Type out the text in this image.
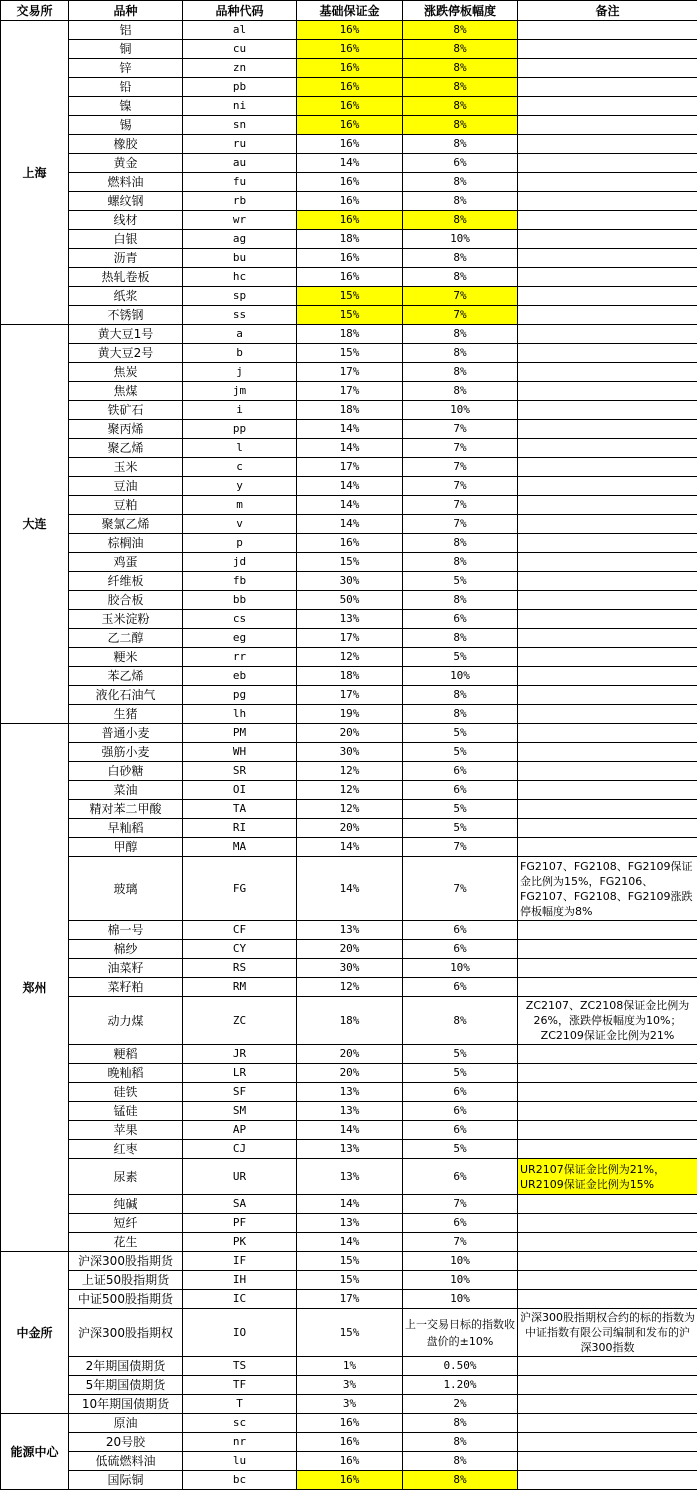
交易所	品种	品种代码	基础保证金	涨跌停板幅度	备注
上海	铝	al	16%	8%	
	铜	cu	16%	8%	
	锌	zn	16%	8%	
	铅	pb	16%	8%	
	镍	ni	16%	8%	
	锡	sn	16%	8%	
	橡胶	ru	16%	8%	
	黄金	au	14%	6%	
	燃料油	fu	16%	8%	
	螺纹钢	rb	16%	8%	
	线材	wr	16%	8%	
	白银	ag	18%	10%	
	沥青	bu	16%	8%	
	热轧卷板	hc	16%	8%	
	纸浆	sp	15%	7%	
	不锈钢	ss	15%	7%	
大连	黄大豆1号	a	18%	8%	
	黄大豆2号	b	15%	8%	
	焦炭	j	17%	8%	
	焦煤	jm	17%	8%	
	铁矿石	i	18%	10%	
	聚丙烯	pp	14%	7%	
	聚乙烯	l	14%	7%	
	玉米	c	17%	7%	
	豆油	y	14%	7%	
	豆粕	m	14%	7%	
	聚氯乙烯	v	14%	7%	
	棕榈油	p	16%	8%	
	鸡蛋	jd	15%	8%	
	纤维板	fb	30%	5%	
	胶合板	bb	50%	8%	
	玉米淀粉	cs	13%	6%	
	乙二醇	eg	17%	8%	
	粳米	rr	12%	5%	
	苯乙烯	eb	18%	10%	
	液化石油气	pg	17%	8%	
	生猪	lh	19%	8%	
郑州	普通小麦	PM	20%	5%	
	强筋小麦	WH	30%	5%	
	白砂糖	SR	12%	6%	
	菜油	OI	12%	6%	
	精对苯二甲酸	TA	12%	5%	
	早籼稻	RI	20%	5%	
	甲醇	MA	14%	7%	
	玻璃	FG	14%	7%	FG2107、FG2108、FG2109保证金比例为15%，FG2106、FG2107、FG2108、FG2109涨跌停板幅度为8%
	棉一号	CF	13%	6%	
	棉纱	CY	20%	6%	
	油菜籽	RS	30%	10%	
	菜籽粕	RM	12%	6%	
	动力煤	ZC	18%	8%	ZC2107、ZC2108保证金比例为26%，涨跌停板幅度为10%；ZC2109保证金比例为21%
	粳稻	JR	20%	5%	
	晚籼稻	LR	20%	5%	
	硅铁	SF	13%	6%	
	锰硅	SM	13%	6%	
	苹果	AP	14%	6%	
	红枣	CJ	13%	5%	
	尿素	UR	13%	6%	UR2107保证金比例为21%，UR2109保证金比例为15%
	纯碱	SA	14%	7%	
	短纤	PF	13%	6%	
	花生	PK	14%	7%	
中金所	沪深300股指期货	IF	15%	10%	
	上证50股指期货	IH	15%	10%	
	中证500股指期货	IC	17%	10%	
	沪深300股指期权	IO	15%	上一交易日标的指数收盘价的±10%	沪深300股指期权合约的标的指数为中证指数有限公司编制和发布的沪深300指数
	2年期国债期货	TS	1%	0.50%	
	5年期国债期货	TF	3%	1.20%	
	10年期国债期货	T	3%	2%	
能源中心	原油	sc	16%	8%	
	20号胶	nr	16%	8%	
	低硫燃料油	lu	16%	8%	
	国际铜	bc	16%	8%	
